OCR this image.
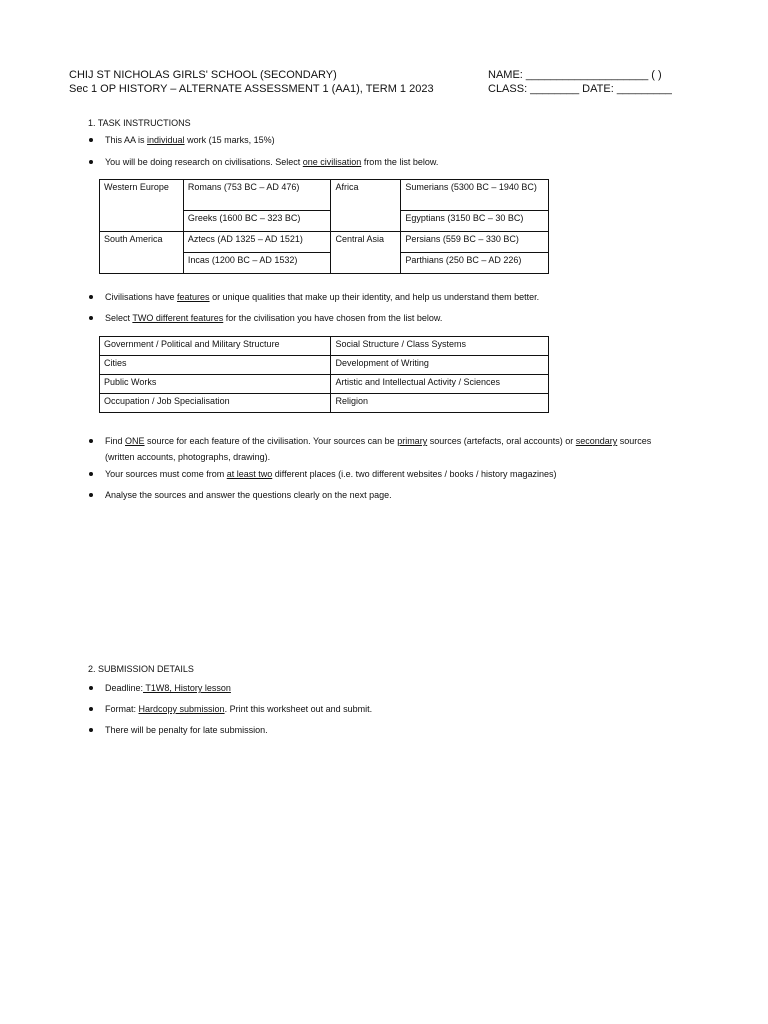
CHIJ ST NICHOLAS GIRLS' SCHOOL (SECONDARY)
Sec 1 OP HISTORY – ALTERNATE ASSESSMENT 1 (AA1), TERM 1 2023
NAME: ____________________ ( )
CLASS: ________ DATE: _________
1. TASK INSTRUCTIONS
This AA is individual work (15 marks, 15%)
You will be doing research on civilisations. Select one civilisation from the list below.
Western Europe	Romans (753 BC – AD 476)	Africa	Sumerians (5300 BC – 1940 BC)
	Greeks (1600 BC – 323 BC)		Egyptians (3150 BC – 30 BC)
South America	Aztecs (AD 1325 – AD 1521)	Central Asia	Persians (559 BC – 330 BC)
	Incas (1200 BC – AD 1532)		Parthians (250 BC – AD 226)
Civilisations have features or unique qualities that make up their identity, and help us understand them better.
Select TWO different features for the civilisation you have chosen from the list below.
Government / Political and Military Structure	Social Structure / Class Systems
Cities	Development of Writing
Public Works	Artistic and Intellectual Activity / Sciences
Occupation / Job Specialisation	Religion
Find ONE source for each feature of the civilisation. Your sources can be primary sources (artefacts, oral accounts) or secondary sources
(written accounts, photographs, drawing).
Your sources must come from at least two different places (i.e. two different websites / books / history magazines)
Analyse the sources and answer the questions clearly on the next page.
2. SUBMISSION DETAILS
Deadline: T1W8, History lesson
Format: Hardcopy submission. Print this worksheet out and submit.
There will be penalty for late submission.
